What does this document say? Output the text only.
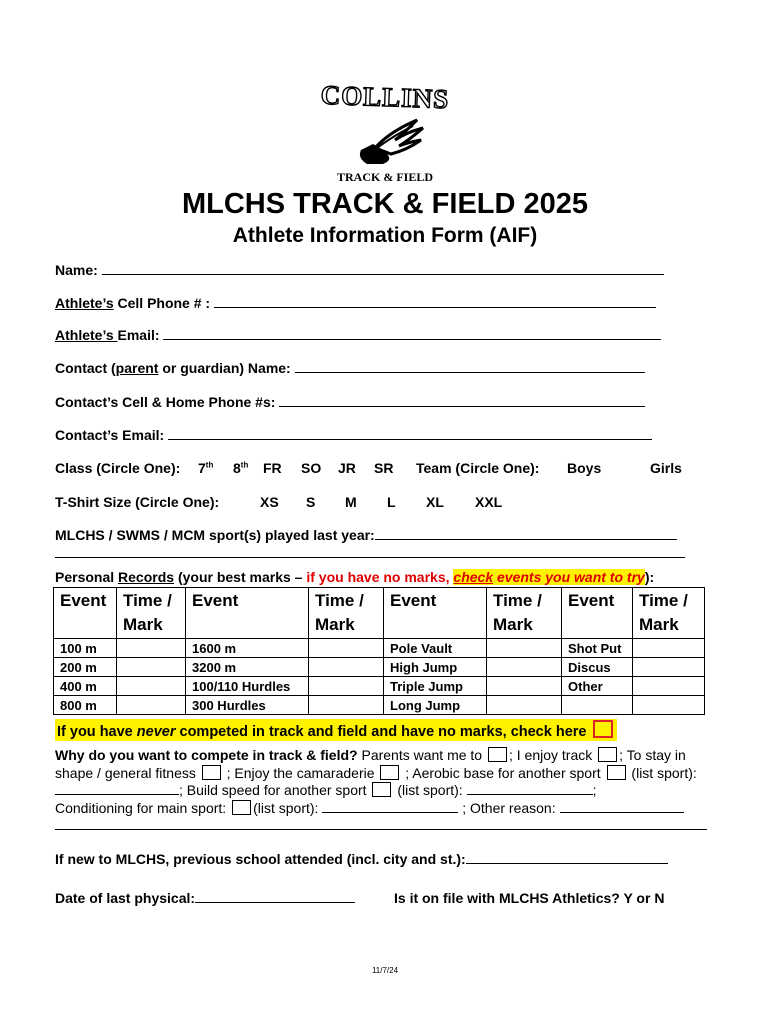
COLLINS
TRACK & FIELD
MLCHS TRACK & FIELD 2025
Athlete Information Form (AIF)
Name:
Athlete’s Cell Phone # :
Athlete’s Email:
Contact (parent or guardian) Name:
Contact’s Cell & Home Phone #s:
Contact’s Email:
Class (Circle One): 7th 8th FR SO JR SR Team (Circle One): Boys	Girls
T-Shirt Size (Circle One):	XS S M L XL XXL
MLCHS / SWMS / MCM sport(s) played last year:
Personal Records (your best marks – if you have no marks, check events you want to try):
Event	Time / Mark	Event	Time / Mark	Event	Time / Mark	Event	Time / Mark
100 m		1600 m		Pole Vault		Shot Put	
200 m		3200 m		High Jump		Discus	
400 m		100/110 Hurdles		Triple Jump		Other	
800 m		300 Hurdles		Long Jump			
If you have never competed in track and field and have no marks, check here
Why do you want to compete in track & field? Parents want me to ; I enjoy track ; To stay in
shape / general fitness  ; Enjoy the camaraderie  ; Aerobic base for another sport  (list sport):
; Build speed for another sport  (list sport):	;
Conditioning for main sport: (list sport):	; Other reason:
If new to MLCHS, previous school attended (incl. city and st.):
Date of last physical:	Is it on file with MLCHS Athletics? Y or N
11/7/24
